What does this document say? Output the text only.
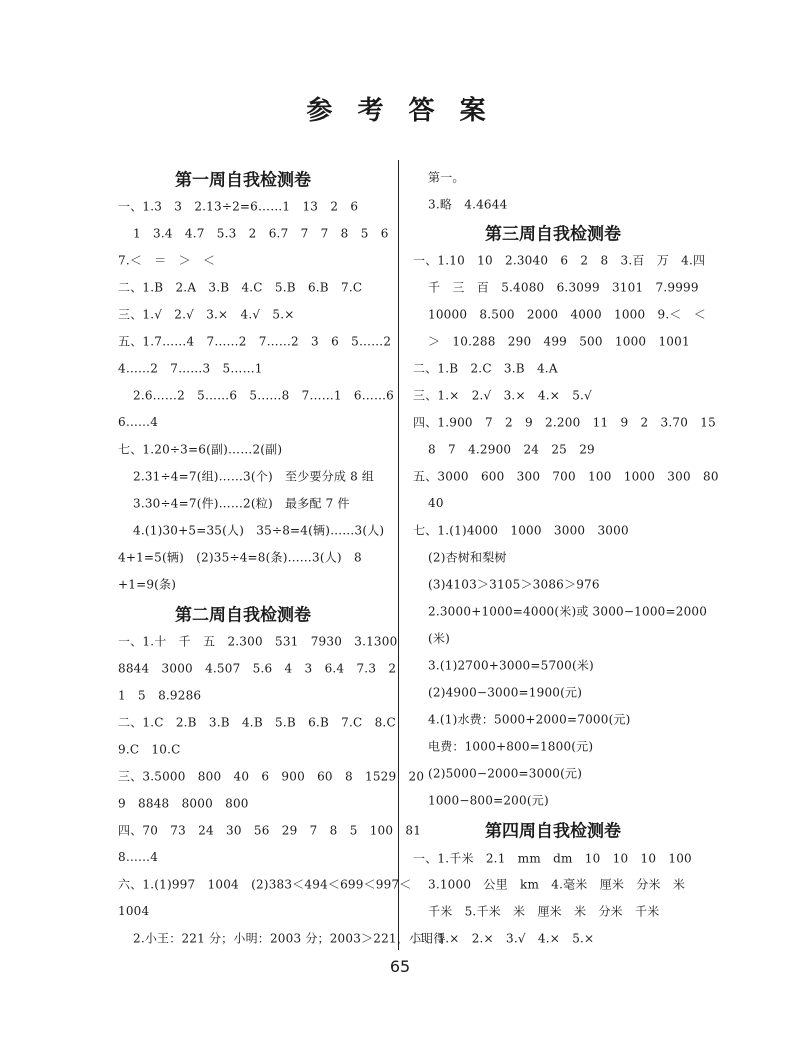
参 考 答 案
第一周自我检测卷
一、1.3　3　2.13÷2=6……1　13　2　6
1　3.4　4.7　5.3　2　6.7　7　7　8　5　6
7.＜　＝　＞　＜
二、1.B　2.A　3.B　4.C　5.B　6.B　7.C
三、1.√　2.√　3.×　4.√　5.×
五、1.7……4　7……2　7……2　3　6　5……2
4……2　7……3　5……1
2.6……2　5……6　5……8　7……1　6……6
6……4
七、1.20÷3=6(副)……2(副)
2.31÷4=7(组)……3(个)　至少要分成 8 组
3.30÷4=7(件)……2(粒)　最多配 7 件
4.(1)30+5=35(人)　35÷8=4(辆)……3(人)
4+1=5(辆)　(2)35÷4=8(条)……3(人)　8
+1=9(条)
第二周自我检测卷
一、1.十　千　五　2.300　531　7930　3.1300
8844　3000　4.507　5.6　4　3　6.4　7.3　2
1　5　8.9286
二、1.C　2.B　3.B　4.B　5.B　6.B　7.C　8.C
9.C　10.C
三、3.5000　800　40　6　900　60　8　1529　20
9　8848　8000　800
四、70　73　24　30　56　29　7　8　5　100　81
8……4
六、1.(1)997　1004　(2)383＜494＜699＜997＜
1004
2.小王：221 分；小明：2003 分；2003＞221，小明得
第一。
3.略　4.4644
第三周自我检测卷
一、1.10　10　2.3040　6　2　8　3.百　万　4.四
千　三　百　5.4080　6.3099　3101　7.9999
10000　8.500　2000　4000　1000　9.＜　＜
＞　10.288　290　499　500　1000　1001
二、1.B　2.C　3.B　4.A
三、1.×　2.√　3.×　4.×　5.√
四、1.900　7　2　9　2.200　11　9　2　3.70　15
8　7　4.2900　24　25　29
五、3000　600　300　700　100　1000　300　80
40
七、1.(1)4000　1000　3000　3000
(2)杏树和梨树
(3)4103＞3105＞3086＞976
2.3000+1000=4000(米)或 3000−1000=2000
(米)
3.(1)2700+3000=5700(米)
(2)4900−3000=1900(元)
4.(1)水费：5000+2000=7000(元)
电费：1000+800=1800(元)
(2)5000−2000=3000(元)
1000−800=200(元)
第四周自我检测卷
一、1.千米　2.1　mm　dm　10　10　10　100
3.1000　公里　km　4.毫米　厘米　分米　米
千米　5.千米　米　厘米　米　分米　千米
二、1.×　2.×　3.√　4.×　5.×
65
